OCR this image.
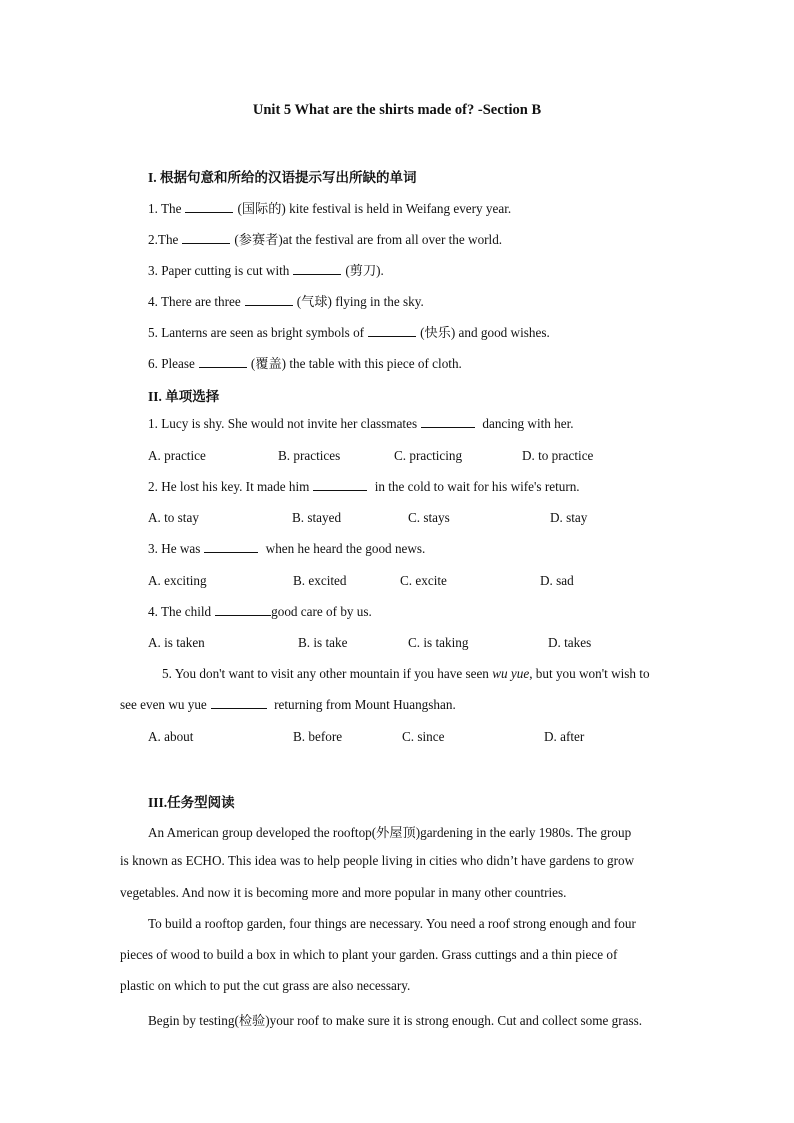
Unit 5 What are the shirts made of? -Section B
I. 根据句意和所给的汉语提示写出所缺的单词
1. The	(国际的) kite festival is held in Weifang every year.
2.The	(参赛者)at the festival are from all over the world.
3. Paper cutting is cut with	(剪刀).
4. There are three	(气球) flying in the sky.
5. Lanterns are seen as bright symbols of	(快乐) and good wishes.
6. Please	(覆盖) the table with this piece of cloth.
II. 单项选择
1. Lucy is shy. She would not invite her classmates	dancing with her.
A. practice	B. practices	C. practicing	D. to practice
2. He lost his key. It made him	in the cold to wait for his wife's return.
A. to stay	B. stayed	C. stays	D. stay
3. He was	when he heard the good news.
A. exciting	B. excited	C. excite	D. sad
4. The child	good care of by us.
A. is taken	B. is take	C. is taking	D. takes
5. You don't want to visit any other mountain if you have seen wu yue, but you won't wish to
see even wu yue	returning from Mount Huangshan.
A. about	B. before	C. since	D. after
III.任务型阅读
An American group developed the rooftop(外屋顶)gardening in the early 1980s. The group
is known as ECHO. This idea was to help people living in cities who didn’t have gardens to grow
vegetables. And now it is becoming more and more popular in many other countries.
To build a rooftop garden, four things are necessary. You need a roof strong enough and four
pieces of wood to build a box in which to plant your garden. Grass cuttings and a thin piece of
plastic on which to put the cut grass are also necessary.
Begin by testing(检验)your roof to make sure it is strong enough. Cut and collect some grass.
